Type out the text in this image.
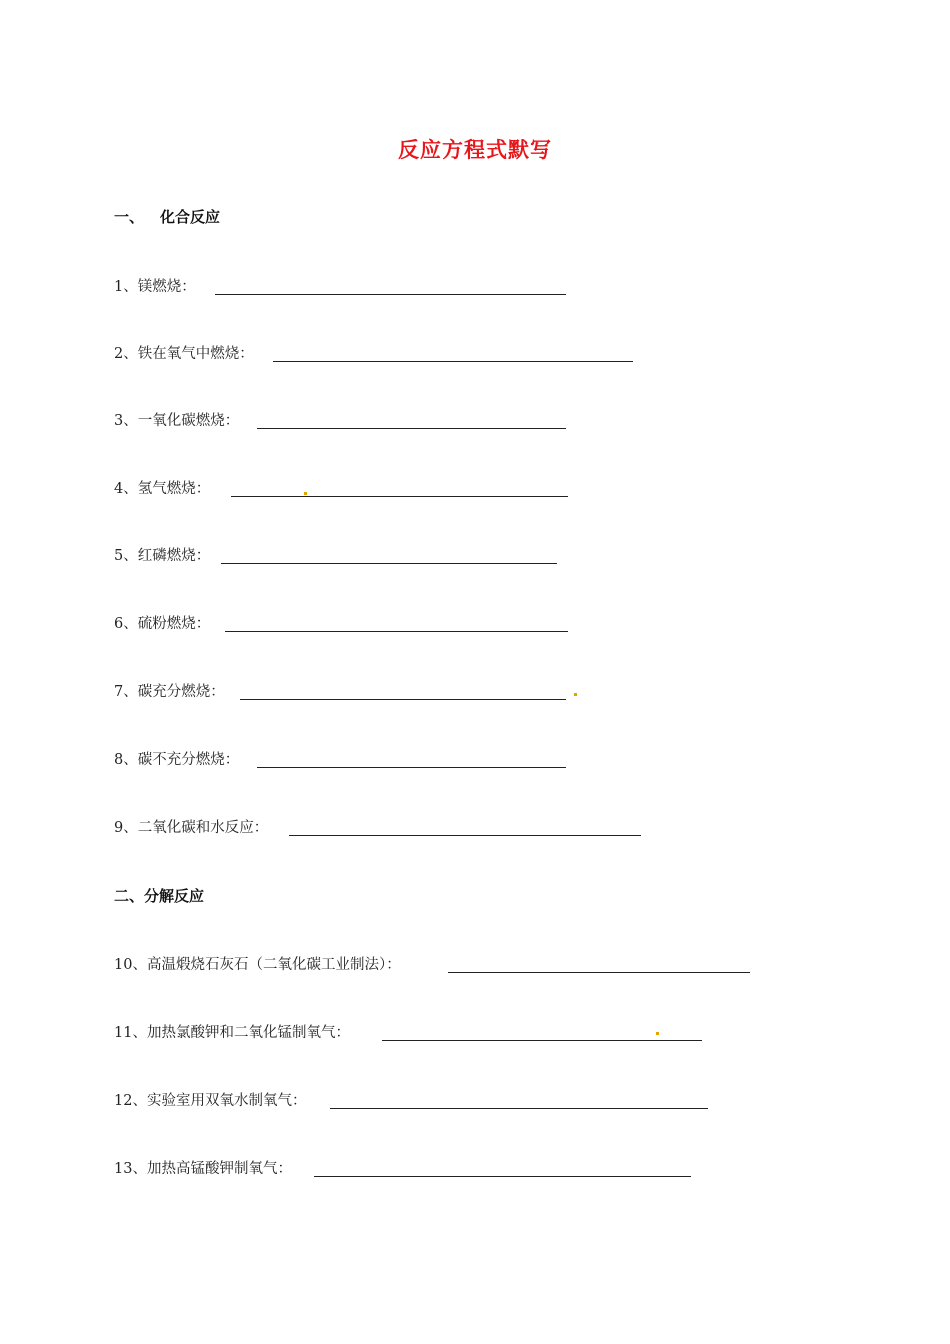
反应方程式默写
一、 化合反应
1、镁燃烧：
2、铁在氧气中燃烧：
3、一氧化碳燃烧：
4、氢气燃烧：
5、红磷燃烧：
6、硫粉燃烧：
7、碳充分燃烧：
8、碳不充分燃烧：
9、二氧化碳和水反应：
二、分解反应
10、高温煅烧石灰石（二氧化碳工业制法）：
11、加热氯酸钾和二氧化锰制氧气：
12、实验室用双氧水制氧气：
13、加热高锰酸钾制氧气：
